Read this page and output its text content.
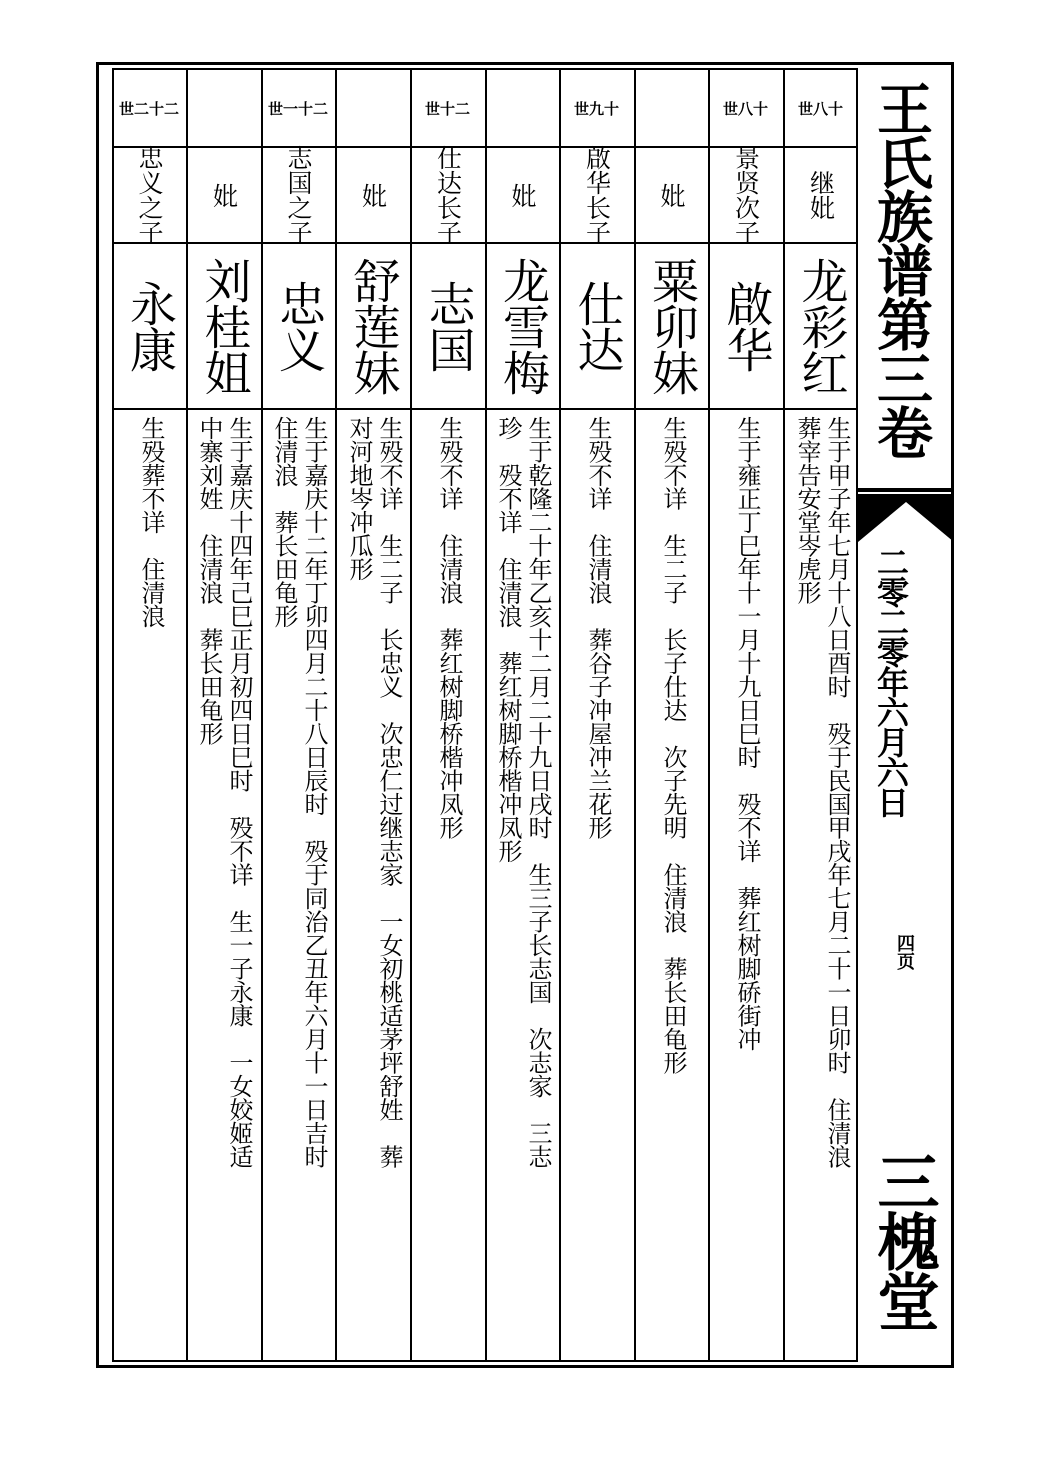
世八十
继妣
龙彩红
生于甲子年七月十八日酉时　殁于民国甲戌年七月二十一日卯时　住清浪
葬宰告安堂岑虎形
世八十
景贤次子
啟华
生于雍正丁巳年十一月十九日巳时　殁不详　葬红树脚硚街冲
妣
粟卯妹
生殁不详　生二子　长子仕达　次子先明　住清浪　葬长田龟形
世九十
啟华长子
仕达
生殁不详　住清浪　葬谷子冲屋冲兰花形
妣
龙雪梅
生于乾隆二十年乙亥十二月二十九日戌时　生三子长志国　次志家　三志
珍　殁不详　住清浪　葬红树脚桥楷冲凤形
世十二
仕达长子
志国
生殁不详　住清浪　葬红树脚桥楷冲凤形
妣
舒莲妹
生殁不详　生二子　长忠义　次忠仁过继志家　一女初桃适茅坪舒姓　葬
对河地岑冲瓜形
世一十二
志国之子
忠义
生于嘉庆十二年丁卯四月二十八日辰时　殁于同治乙丑年六月十一日吉时
住清浪　葬长田龟形
妣
刘桂姐
生于嘉庆十四年己巳正月初四日巳时　殁不详　生一子永康　一女姣姬适
中寨刘姓　住清浪　葬长田龟形
世二十二
忠义之子
永康
生殁葬不详　住清浪
王氏族谱第三卷
二零二零年六月六日
四页
三槐堂
